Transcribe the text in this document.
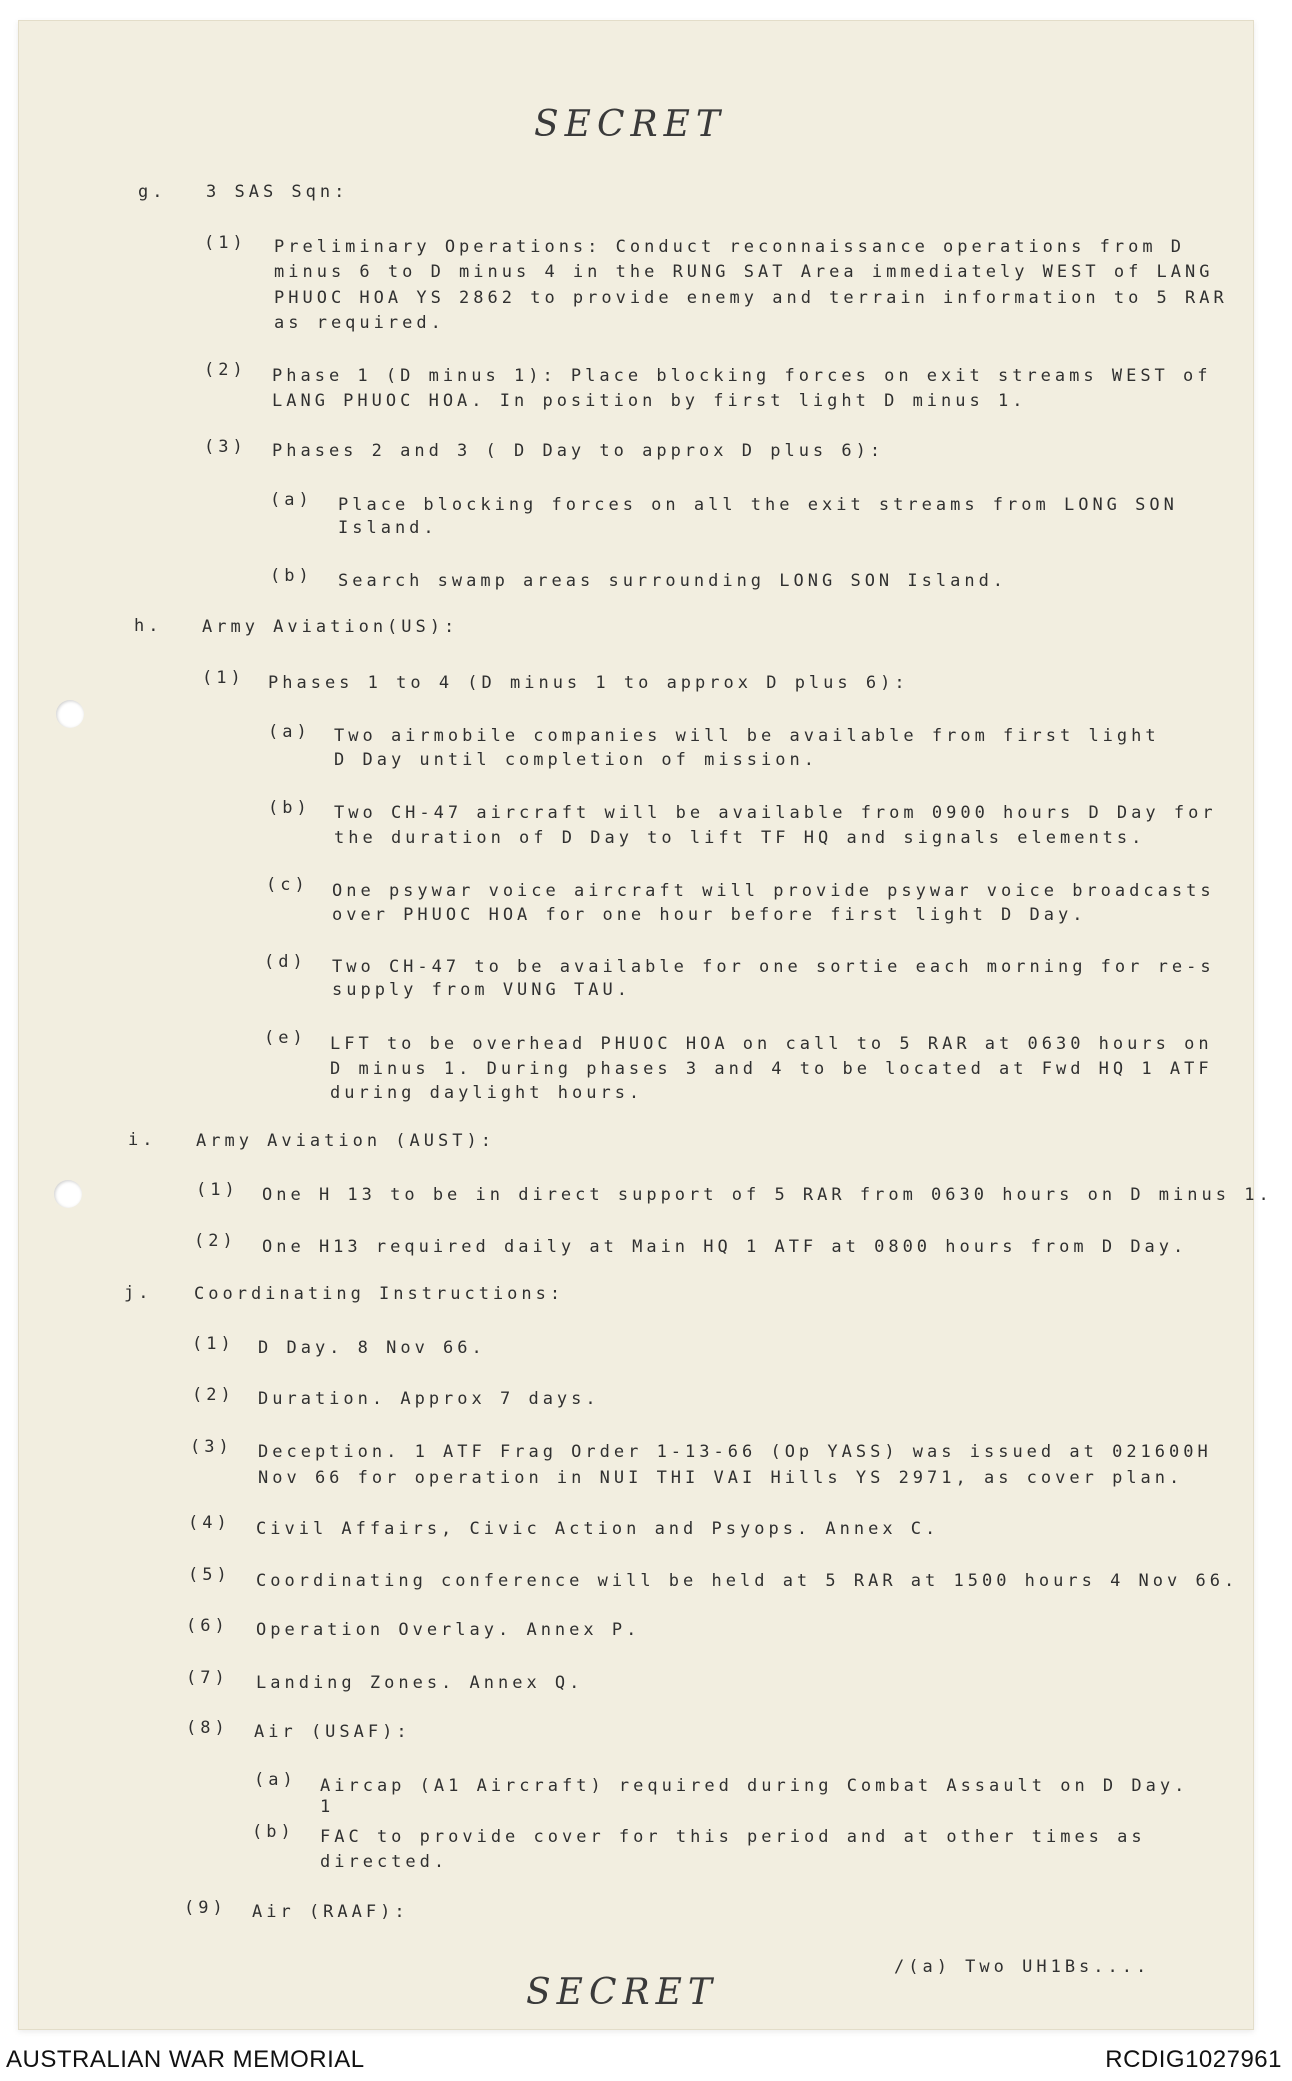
SECRET
g. 3 SAS Sqn:
(1) Preliminary Operations: Conduct reconnaissance operations from D
minus 6 to D minus 4 in the RUNG SAT Area immediately WEST of LANG
PHUOC HOA YS 2862 to provide enemy and terrain information to 5 RAR
as required.
(2) Phase 1 (D minus 1): Place blocking forces on exit streams WEST of
LANG PHUOC HOA. In position by first light D minus 1.
(3) Phases 2 and 3 ( D Day to approx D plus 6):
(a) Place blocking forces on all the exit streams from LONG SON
Island.
(b) Search swamp areas surrounding LONG SON Island.
h. Army Aviation(US):
(1) Phases 1 to 4 (D minus 1 to approx D plus 6):
(a) Two airmobile companies will be available from first light
D Day until completion of mission.
(b) Two CH-47 aircraft will be available from 0900 hours D Day for
the duration of D Day to lift TF HQ and signals elements.
(c) One psywar voice aircraft will provide psywar voice broadcasts
over PHUOC HOA for one hour before first light D Day.
(d) Two CH-47 to be available for one sortie each morning for re-s
supply from VUNG TAU.
(e) LFT to be overhead PHUOC HOA on call to 5 RAR at 0630 hours on
D minus 1. During phases 3 and 4 to be located at Fwd HQ 1 ATF
during daylight hours.
i. Army Aviation (AUST):
(1) One H 13 to be in direct support of 5 RAR from 0630 hours on D minus 1.
(2) One H13 required daily at Main HQ 1 ATF at 0800 hours from D Day.
j. Coordinating Instructions:
(1) D Day. 8 Nov 66.
(2) Duration. Approx 7 days.
(3) Deception. 1 ATF Frag Order 1-13-66 (Op YASS) was issued at 021600H
Nov 66 for operation in NUI THI VAI Hills YS 2971, as cover plan.
(4) Civil Affairs, Civic Action and Psyops. Annex C.
(5) Coordinating conference will be held at 5 RAR at 1500 hours 4 Nov 66.
(6) Operation Overlay. Annex P.
(7) Landing Zones. Annex Q.
(8) Air (USAF):
(a) Aircap (A1 Aircraft) required during Combat Assault on D Day.
1
(b) FAC to provide cover for this period and at other times as
directed.
(9) Air (RAAF):
/(a) Two UH1Bs....
SECRET
AUSTRALIAN WAR MEMORIAL	RCDIG1027961
